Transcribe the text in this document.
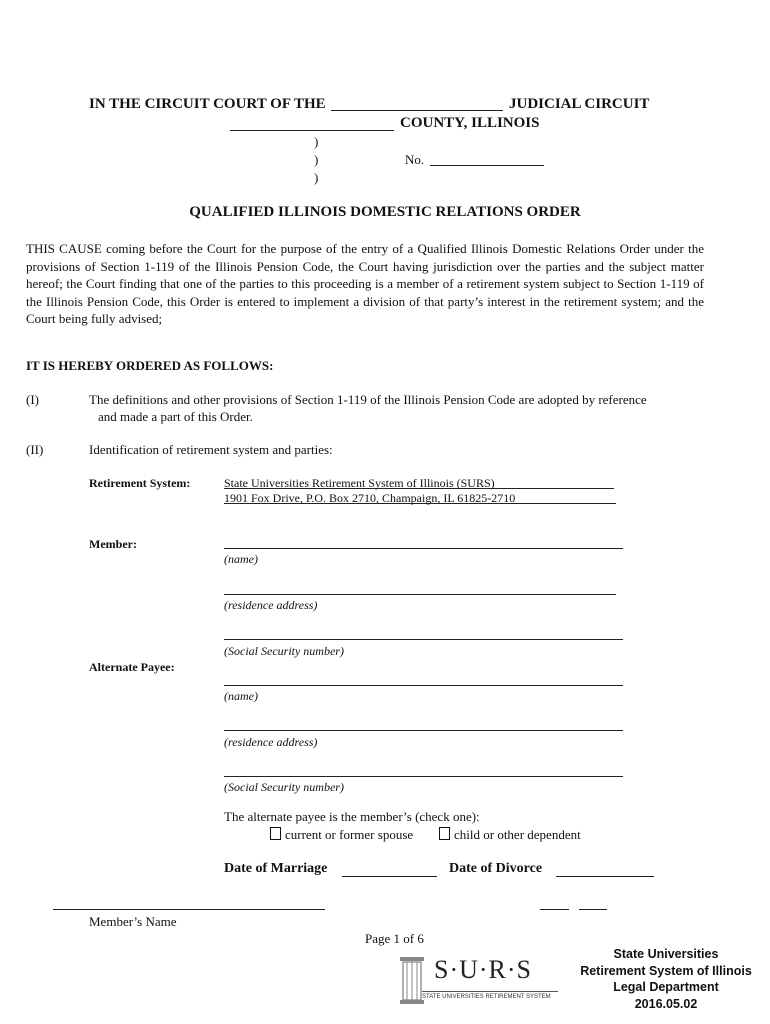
IN THE CIRCUIT COURT OF THE	JUDICIAL CIRCUIT
COUNTY, ILLINOIS
)
)
)
No.
QUALIFIED ILLINOIS DOMESTIC RELATIONS ORDER
THIS CAUSE coming before the Court for the purpose of the entry of a Qualified Illinois Domestic Relations Order under the provisions of Section 1-119 of the Illinois Pension Code, the Court having jurisdiction over the parties and the subject matter hereof; the Court finding that one of the parties to this proceeding is a member of a retirement system subject to Section 1-119 of the Illinois Pension Code, this Order is entered to implement a division of that party’s interest in the retirement system; and the Court being fully advised;
IT IS HEREBY ORDERED AS FOLLOWS:
(I)	The definitions and other provisions of Section 1-119 of the Illinois Pension Code are adopted by reference
and made a part of this Order.
(II)	Identification of retirement system and parties:
Retirement System:	State Universities Retirement System of Illinois (SURS)
1901 Fox Drive, P.O. Box 2710, Champaign, IL 61825-2710
Member:
(name)
(residence address)
(Social Security number)
Alternate Payee:
(name)
(residence address)
(Social Security number)
The alternate payee is the member’s (check one):
current or former spouse	child or other dependent
Date of Marriage	Date of Divorce
Member’s Name
Page 1 of 6
S·U·R·S
STATE UNIVERSITIES RETIREMENT SYSTEM
State Universities
Retirement System of Illinois
Legal Department
2016.05.02
